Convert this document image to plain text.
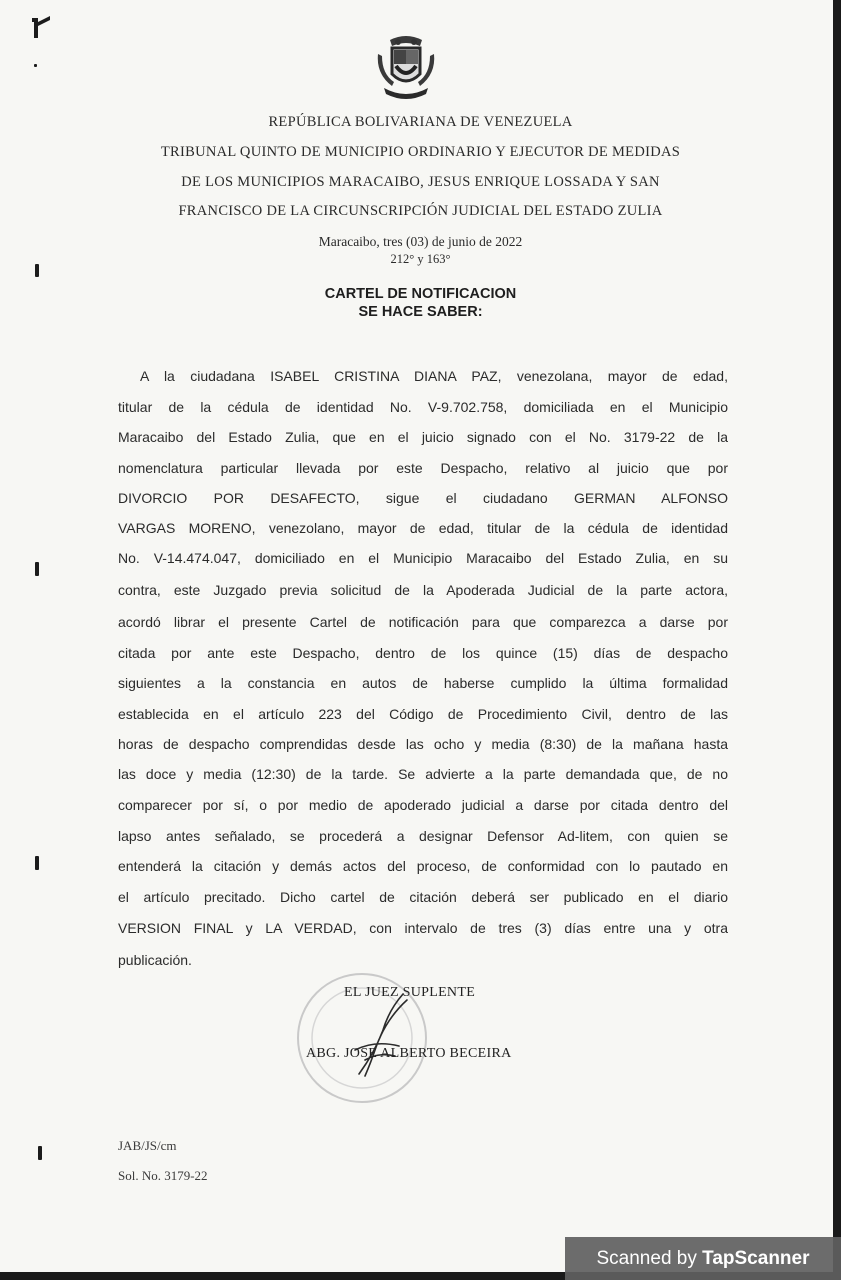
REPÚBLICA BOLIVARIANA DE VENEZUELA
TRIBUNAL QUINTO DE MUNICIPIO ORDINARIO Y EJECUTOR DE MEDIDAS
DE LOS MUNICIPIOS MARACAIBO, JESUS ENRIQUE LOSSADA Y SAN
FRANCISCO DE LA CIRCUNSCRIPCIÓN JUDICIAL DEL ESTADO ZULIA
Maracaibo, tres (03) de junio de 2022
212° y 163°
CARTEL DE NOTIFICACION
SE HACE SABER:
A la ciudadana ISABEL CRISTINA DIANA PAZ, venezolana, mayor de edad,
titular de la cédula de identidad No. V-9.702.758, domiciliada en el Municipio
Maracaibo del Estado Zulia, que en el juicio signado con el No. 3179-22 de la
nomenclatura particular llevada por este Despacho, relativo al juicio que por
DIVORCIO POR DESAFECTO, sigue el ciudadano GERMAN ALFONSO
VARGAS MORENO, venezolano, mayor de edad, titular de la cédula de identidad
No. V-14.474.047, domiciliado en el Municipio Maracaibo del Estado Zulia, en su
contra, este Juzgado previa solicitud de la Apoderada Judicial de la parte actora,
acordó librar el presente Cartel de notificación para que comparezca a darse por
citada por ante este Despacho, dentro de los quince (15) días de despacho
siguientes a la constancia en autos de haberse cumplido la última formalidad
establecida en el artículo 223 del Código de Procedimiento Civil, dentro de las
horas de despacho comprendidas desde las ocho y media (8:30) de la mañana hasta
las doce y media (12:30) de la tarde. Se advierte a la parte demandada que, de no
comparecer por sí, o por medio de apoderado judicial a darse por citada dentro del
lapso antes señalado, se procederá a designar Defensor Ad-litem, con quien se
entenderá la citación y demás actos del proceso, de conformidad con lo pautado en
el artículo precitado. Dicho cartel de citación deberá ser publicado en el diario
VERSION FINAL y LA VERDAD, con intervalo de tres (3) días entre una y otra
publicación.
EL JUEZ SUPLENTE
ABG. JOSE ALBERTO BECEIRA
JAB/JS/cm
Sol. No. 3179-22
Scanned by TapScanner
